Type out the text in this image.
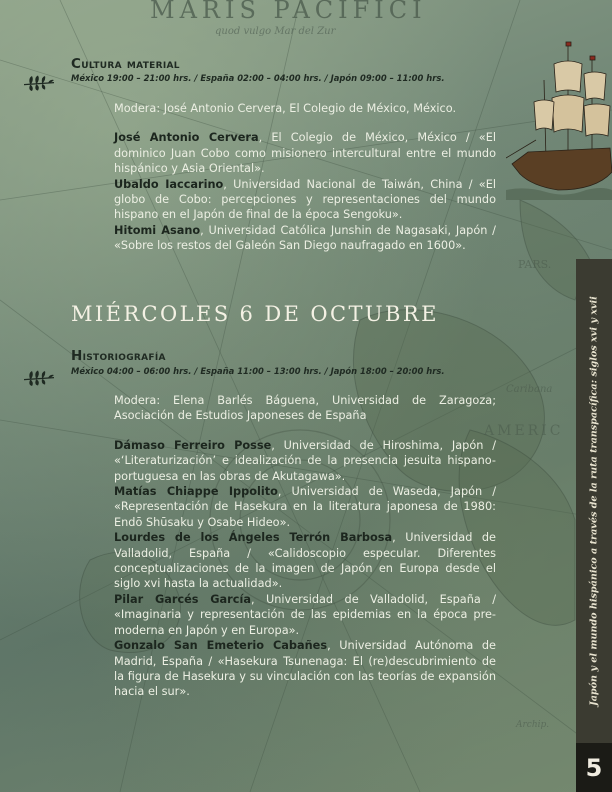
MARIS PACIFICI
quod vulgo Mar del Zur
PARS.
Caribana
AMERIC
Archip.
Cultura material
México 19:00 – 21:00 hrs. / España 02:00 – 04:00 hrs. / Japón 09:00 – 11:00 hrs.

Modera: José Antonio Cervera, El Colegio de México, México.

José Antonio Cervera, El Colegio de México, México / «El dominico Juan Cobo como misionero intercultural entre el mundo hispánico y Asia Oriental».

Ubaldo Iaccarino, Universidad Nacional de Taiwán, China / «El globo de Cobo: percepciones y representaciones del mundo hispano en el Japón de final de la época Sengoku».

Hitomi Asano, Universidad Católica Junshin de Nagasaki, Japón / «Sobre los restos del Galeón San Diego naufragado en 1600».

MIÉRCOLES 6 DE OCTUBRE
Historiografía
México 04:00 – 06:00 hrs. / España 11:00 – 13:00 hrs. / Japón 18:00 – 20:00 hrs.

Modera: Elena Barlés Báguena, Universidad de Zaragoza; Asociación de Estudios Japoneses de España

Dámaso Ferreiro Posse, Universidad de Hiroshima, Japón / «‘Literaturización’ e idealización de la presencia jesuita hispano-portuguesa en las obras de Akutagawa».

Matías Chiappe Ippolito, Universidad de Waseda, Japón / «Representación de Hasekura en la literatura japonesa de 1980: Endō Shūsaku y Osabe Hideo».

Lourdes de los Ángeles Terrón Barbosa, Universidad de Valladolid, España / «Calidoscopio especular. Diferentes conceptualizaciones de la imagen de Japón en Europa desde el siglo xvi hasta la actualidad».

Pilar Garcés García, Universidad de Valladolid, España / «Imaginaria y representación de las epidemias en la época pre-moderna en Japón y en Europa».

Gonzalo San Emeterio Cabañes, Universidad Autónoma de Madrid, España / «Hasekura Tsunenaga: El (re)descubrimiento de la figura de Hasekura y su vinculación con las teorías de expansión hacia el sur».	Japón y el mundo hispánico a través de la ruta transpacífica: siglos xvi y xvii
5
